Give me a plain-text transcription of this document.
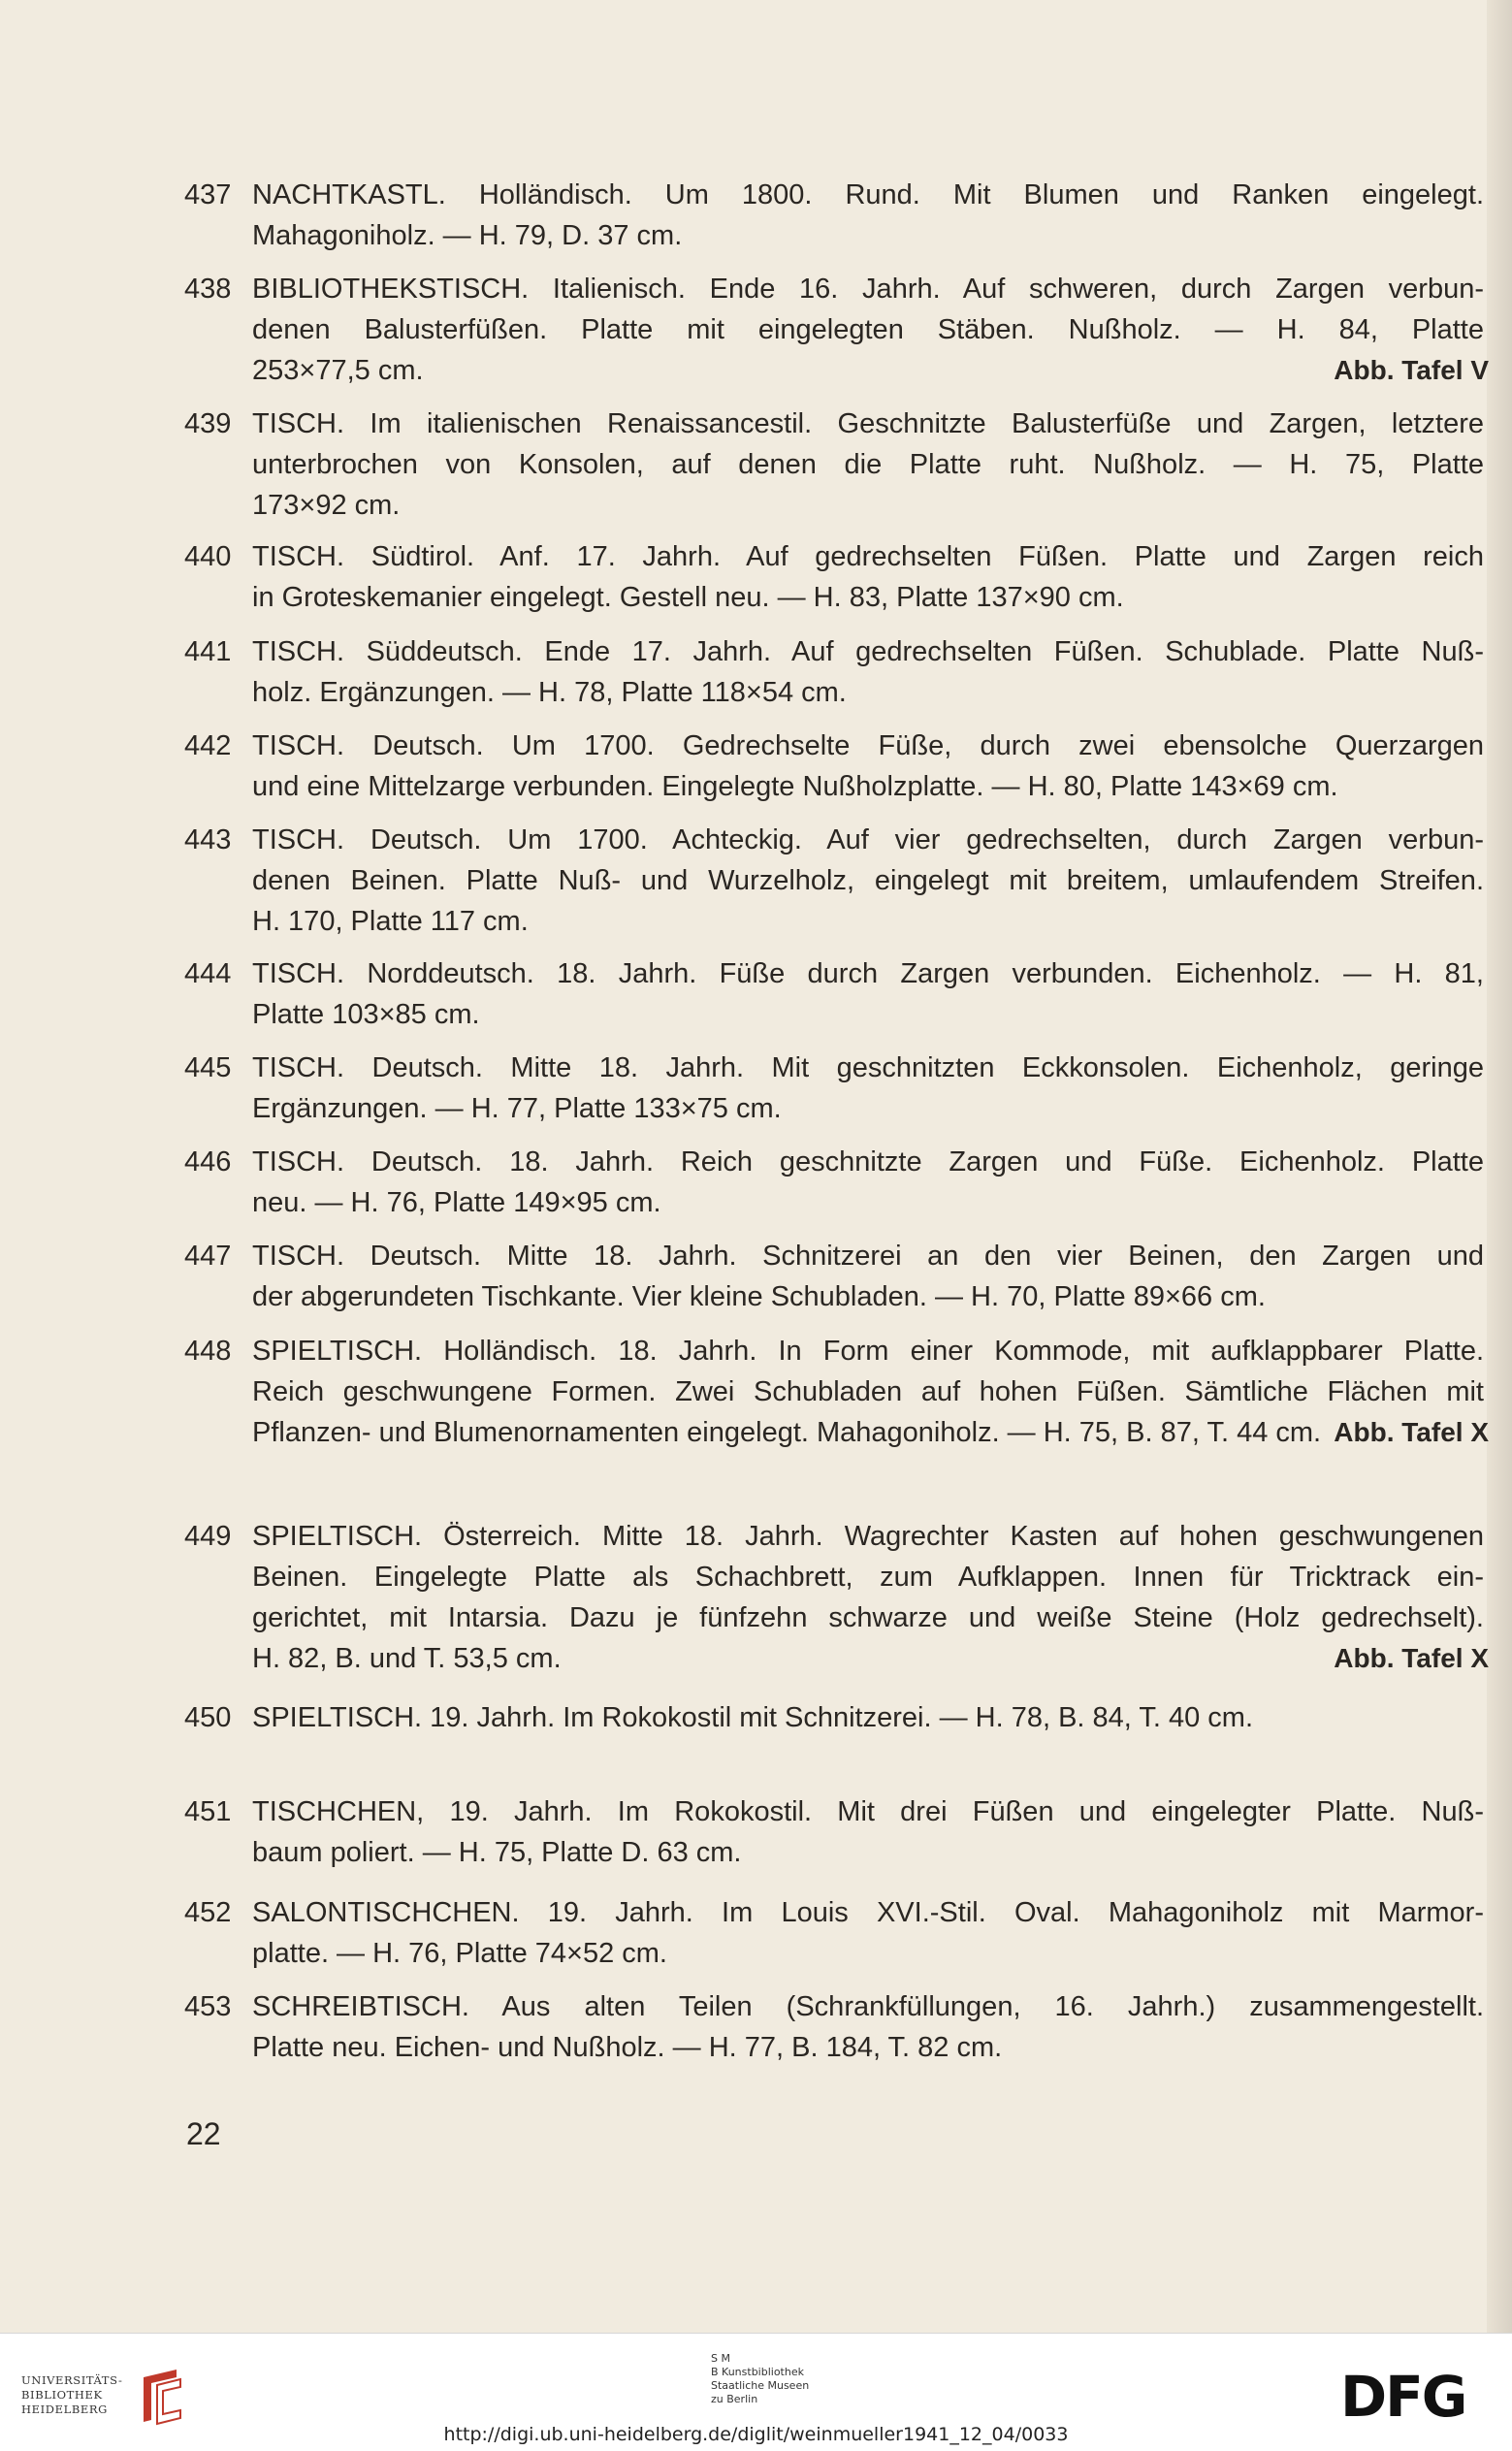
437 NACHTKASTL. Holländisch. Um 1800. Rund. Mit Blumen und Ranken eingelegt.
Mahagoniholz. — H. 79, D. 37 cm.
438 BIBLIOTHEKSTISCH. Italienisch. Ende 16. Jahrh. Auf schweren, durch Zargen verbun-
denen Balusterfüßen. Platte mit eingelegten Stäben. Nußholz. — H. 84, Platte
253×77,5 cm.	Abb. Tafel V
439 TISCH. Im italienischen Renaissancestil. Geschnitzte Balusterfüße und Zargen, letztere
unterbrochen von Konsolen, auf denen die Platte ruht. Nußholz. — H. 75, Platte
173×92 cm.
440 TISCH. Südtirol. Anf. 17. Jahrh. Auf gedrechselten Füßen. Platte und Zargen reich
in Groteskemanier eingelegt. Gestell neu. — H. 83, Platte 137×90 cm.
441 TISCH. Süddeutsch. Ende 17. Jahrh. Auf gedrechselten Füßen. Schublade. Platte Nuß-
holz. Ergänzungen. — H. 78, Platte 118×54 cm.
442 TISCH. Deutsch. Um 1700. Gedrechselte Füße, durch zwei ebensolche Querzargen
und eine Mittelzarge verbunden. Eingelegte Nußholzplatte. — H. 80, Platte 143×69 cm.
443 TISCH. Deutsch. Um 1700. Achteckig. Auf vier gedrechselten, durch Zargen verbun-
denen Beinen. Platte Nuß- und Wurzelholz, eingelegt mit breitem, umlaufendem Streifen.
H. 170, Platte 117 cm.
444 TISCH. Norddeutsch. 18. Jahrh. Füße durch Zargen verbunden. Eichenholz. — H. 81,
Platte 103×85 cm.
445 TISCH. Deutsch. Mitte 18. Jahrh. Mit geschnitzten Eckkonsolen. Eichenholz, geringe
Ergänzungen. — H. 77, Platte 133×75 cm.
446 TISCH. Deutsch. 18. Jahrh. Reich geschnitzte Zargen und Füße. Eichenholz. Platte
neu. — H. 76, Platte 149×95 cm.
447 TISCH. Deutsch. Mitte 18. Jahrh. Schnitzerei an den vier Beinen, den Zargen und
der abgerundeten Tischkante. Vier kleine Schubladen. — H. 70, Platte 89×66 cm.
448 SPIELTISCH. Holländisch. 18. Jahrh. In Form einer Kommode, mit aufklappbarer Platte.
Reich geschwungene Formen. Zwei Schubladen auf hohen Füßen. Sämtliche Flächen mit
Pflanzen- und Blumenornamenten eingelegt. Mahagoniholz. — H. 75, B. 87, T. 44 cm. Abb. Tafel X
449 SPIELTISCH. Österreich. Mitte 18. Jahrh. Wagrechter Kasten auf hohen geschwungenen
Beinen. Eingelegte Platte als Schachbrett, zum Aufklappen. Innen für Tricktrack ein-
gerichtet, mit Intarsia. Dazu je fünfzehn schwarze und weiße Steine (Holz gedrechselt).
H. 82, B. und T. 53,5 cm.	Abb. Tafel X
450 SPIELTISCH. 19. Jahrh. Im Rokokostil mit Schnitzerei. — H. 78, B. 84, T. 40 cm.
451 TISCHCHEN, 19. Jahrh. Im Rokokostil. Mit drei Füßen und eingelegter Platte. Nuß-
baum poliert. — H. 75, Platte D. 63 cm.
452 SALONTISCHCHEN. 19. Jahrh. Im Louis XVI.-Stil. Oval. Mahagoniholz mit Marmor-
platte. — H. 76, Platte 74×52 cm.
453 SCHREIBTISCH. Aus alten Teilen (Schrankfüllungen, 16. Jahrh.) zusammengestellt.
Platte neu. Eichen- und Nußholz. — H. 77, B. 184, T. 82 cm.
22
UNIVERSITÄTS-
BIBLIOTHEK
HEIDELBERG
S M
B Kunstbibliothek
Staatliche Museen
zu Berlin	DFG
http://digi.ub.uni-heidelberg.de/diglit/weinmueller1941_12_04/0033
